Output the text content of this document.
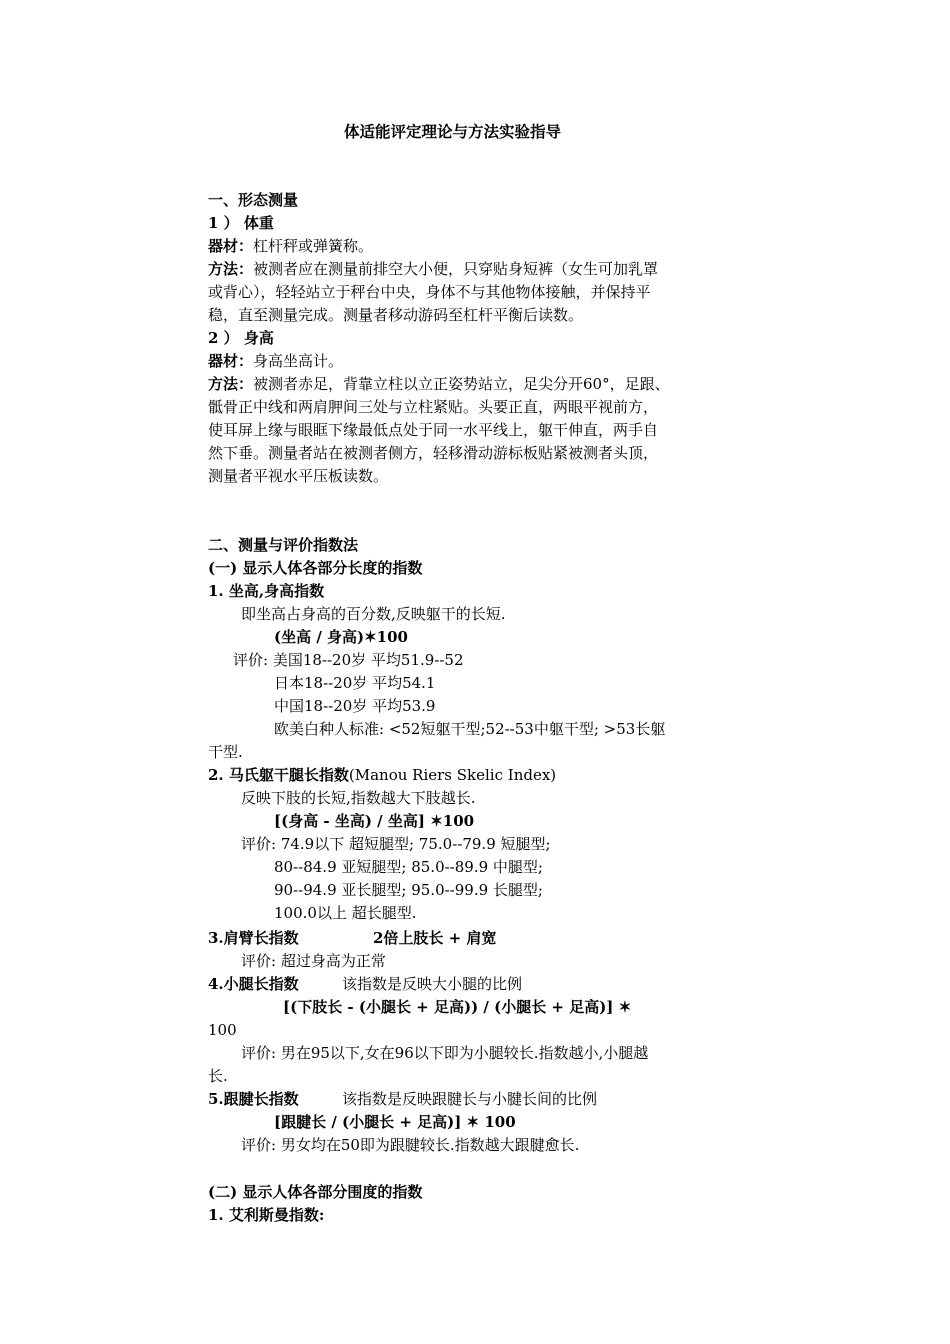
体适能评定理论与方法实验指导
一、形态测量
1 ） 体重
器材：杠杆秤或弹簧称。
方法：被测者应在测量前排空大小便，只穿贴身短裤（女生可加乳罩
或背心），轻轻站立于秤台中央，身体不与其他物体接触，并保持平
稳，直至测量完成。测量者移动游码至杠杆平衡后读数。
2 ） 身高
器材：身高坐高计。
方法：被测者赤足，背靠立柱以立正姿势站立，足尖分开60°，足跟、
骶骨正中线和两肩胛间三处与立柱紧贴。头要正直，两眼平视前方，
使耳屏上缘与眼眶下缘最低点处于同一水平线上，躯干伸直，两手自
然下垂。测量者站在被测者侧方，轻移滑动游标板贴紧被测者头顶，
测量者平视水平压板读数。
二、测量与评价指数法
(一) 显示人体各部分长度的指数
1. 坐高,身高指数
即坐高占身高的百分数,反映躯干的长短.
(坐高 / 身高)✶100
评价: 美国18--20岁 平均51.9--52
日本18--20岁 平均54.1
中国18--20岁 平均53.9
欧美白种人标准: <52短躯干型;52--53中躯干型; >53长躯
干型.
2. 马氏躯干腿长指数(Manou Riers Skelic Index)
反映下肢的长短,指数越大下肢越长.
[(身高 - 坐高) / 坐高] ✶100
评价: 74.9以下 超短腿型; 75.0--79.9 短腿型;
80--84.9 亚短腿型; 85.0--89.9 中腿型;
90--94.9 亚长腿型; 95.0--99.9 长腿型;
100.0以上 超长腿型.
3.肩臂长指数	2倍上肢长 + 肩宽
评价: 超过身高为正常
4.小腿长指数	该指数是反映大小腿的比例
[(下肢长 - (小腿长 + 足高)) / (小腿长 + 足高)] ✶
100
评价: 男在95以下,女在96以下即为小腿较长.指数越小,小腿越
长.
5.跟腱长指数	该指数是反映跟腱长与小腱长间的比例
[跟腱长 / (小腿长 + 足高)] ✶ 100
评价: 男女均在50即为跟腱较长.指数越大跟腱愈长.
(二) 显示人体各部分围度的指数
1. 艾利斯曼指数:
